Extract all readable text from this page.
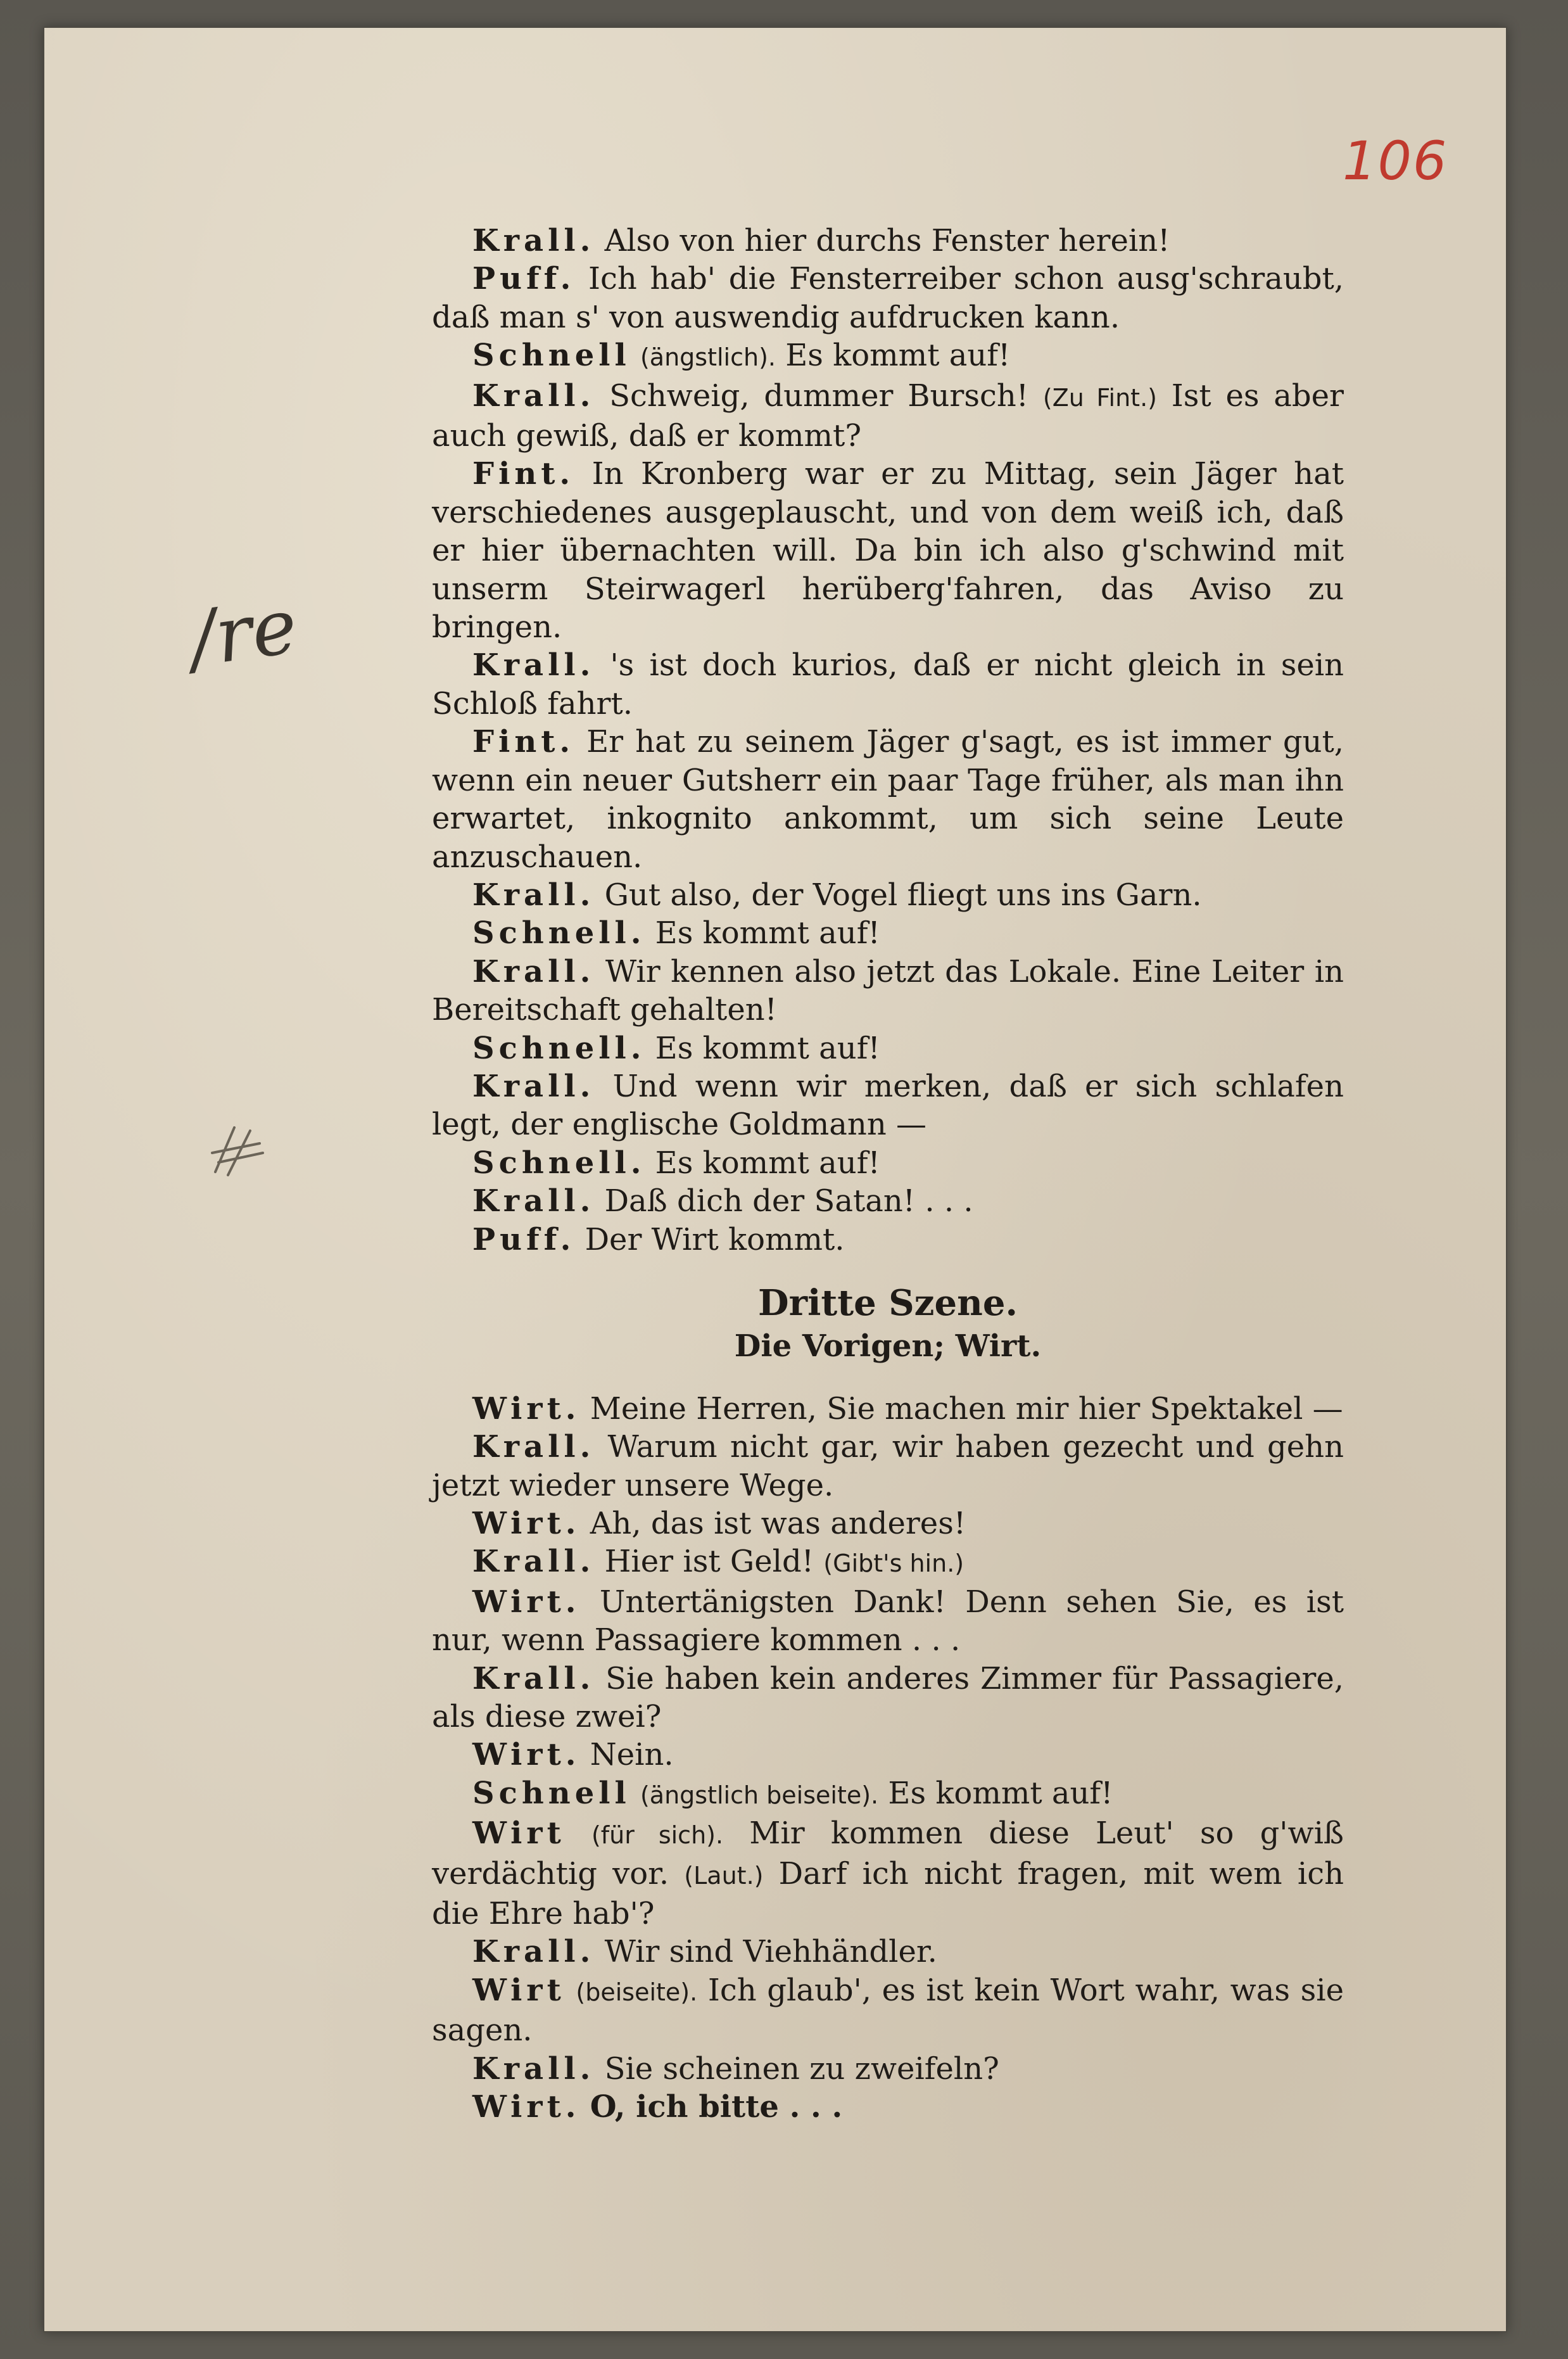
106
/re

Krall. Also von hier durchs Fenster herein!

Puff. Ich hab' die Fensterreiber schon ausg'schraubt, daß man s' von auswendig aufdrucken kann.

Schnell (ängstlich). Es kommt auf!

Krall. Schweig, dummer Bursch! (Zu Fint.) Ist es aber auch gewiß, daß er kommt?

Fint. In Kronberg war er zu Mittag, sein Jäger hat verschiedenes ausgeplauscht, und von dem weiß ich, daß er hier übernachten will. Da bin ich also g'schwind mit unserm Steirwagerl herüberg'fahren, das Aviso zu bringen.

Krall. 's ist doch kurios, daß er nicht gleich in sein Schloß fahrt.

Fint. Er hat zu seinem Jäger g'sagt, es ist immer gut, wenn ein neuer Gutsherr ein paar Tage früher, als man ihn erwartet, inkognito ankommt, um sich seine Leute anzuschauen.

Krall. Gut also, der Vogel fliegt uns ins Garn.

Schnell. Es kommt auf!

Krall. Wir kennen also jetzt das Lokale. Eine Leiter in Bereitschaft gehalten!

Schnell. Es kommt auf!

Krall. Und wenn wir merken, daß er sich schlafen legt, der englische Goldmann —

Schnell. Es kommt auf!

Krall. Daß dich der Satan! . . .

Puff. Der Wirt kommt.

Dritte Szene.

Die Vorigen; Wirt.

Wirt. Meine Herren, Sie machen mir hier Spektakel —

Krall. Warum nicht gar, wir haben gezecht und gehn jetzt wieder unsere Wege.

Wirt. Ah, das ist was anderes!

Krall. Hier ist Geld! (Gibt's hin.)

Wirt. Untertänigsten Dank! Denn sehen Sie, es ist nur, wenn Passagiere kommen . . .

Krall. Sie haben kein anderes Zimmer für Passagiere, als diese zwei?

Wirt. Nein.

Schnell (ängstlich beiseite). Es kommt auf!

Wirt (für sich). Mir kommen diese Leut' so g'wiß verdächtig vor. (Laut.) Darf ich nicht fragen, mit wem ich die Ehre hab'?

Krall. Wir sind Viehhändler.

Wirt (beiseite). Ich glaub', es ist kein Wort wahr, was sie sagen.

Krall. Sie scheinen zu zweifeln?

Wirt. O, ich bitte . . .
